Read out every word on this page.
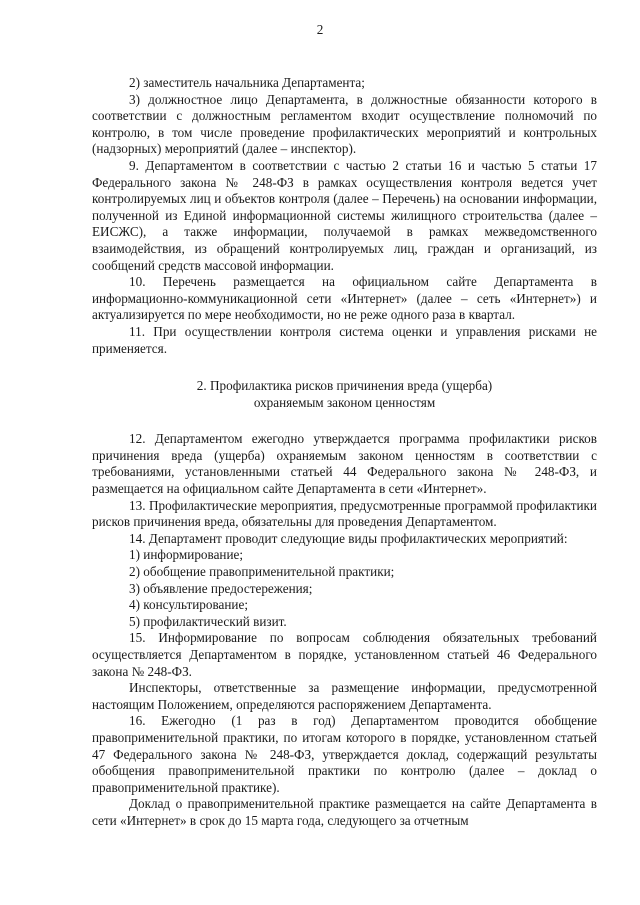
2

2) заместитель начальника Департамента;

3) должностное лицо Департамента, в должностные обязанности которого в соответствии с должностным регламентом входит осуществление полномочий по контролю, в том числе проведение профилактических мероприятий и контрольных (надзорных) мероприятий (далее – инспектор).

9. Департаментом в соответствии с частью 2 статьи 16 и частью 5 статьи 17 Федерального закона № 248-ФЗ в рамках осуществления контроля ведется учет контролируемых лиц и объектов контроля (далее – Перечень) на основании информации, полученной из Единой информационной системы жилищного строительства (далее – ЕИСЖС), а также информации, получаемой в рамках межведомственного взаимодействия, из обращений контролируемых лиц, граждан и организаций, из сообщений средств массовой информации.

10. Перечень размещается на официальном сайте Департамента в информационно-коммуникационной сети «Интернет» (далее – сеть «Интернет») и актуализируется по мере необходимости, но не реже одного раза в квартал.

11. При осуществлении контроля система оценки и управления рисками не применяется.

2. Профилактика рисков причинения вреда (ущерба)
охраняемым законом ценностям

12. Департаментом ежегодно утверждается программа профилактики рисков причинения вреда (ущерба) охраняемым законом ценностям в соответствии с требованиями, установленными статьей 44 Федерального закона № 248-ФЗ, и размещается на официальном сайте Департамента в сети «Интернет».

13. Профилактические мероприятия, предусмотренные программой профилактики рисков причинения вреда, обязательны для проведения Департаментом.

14. Департамент проводит следующие виды профилактических мероприятий:

1) информирование;

2) обобщение правоприменительной практики;

3) объявление предостережения;

4) консультирование;

5) профилактический визит.

15. Информирование по вопросам соблюдения обязательных требований осуществляется Департаментом в порядке, установленном статьей 46 Федерального закона № 248-ФЗ.

Инспекторы, ответственные за размещение информации, предусмотренной настоящим Положением, определяются распоряжением Департамента.

16. Ежегодно (1 раз в год) Департаментом проводится обобщение правоприменительной практики, по итогам которого в порядке, установленном статьей 47 Федерального закона № 248-ФЗ, утверждается доклад, содержащий результаты обобщения правоприменительной практики по контролю (далее – доклад о правоприменительной практике).

Доклад о правоприменительной практике размещается на сайте Департамента в сети «Интернет» в срок до 15 марта года, следующего за отчетным
